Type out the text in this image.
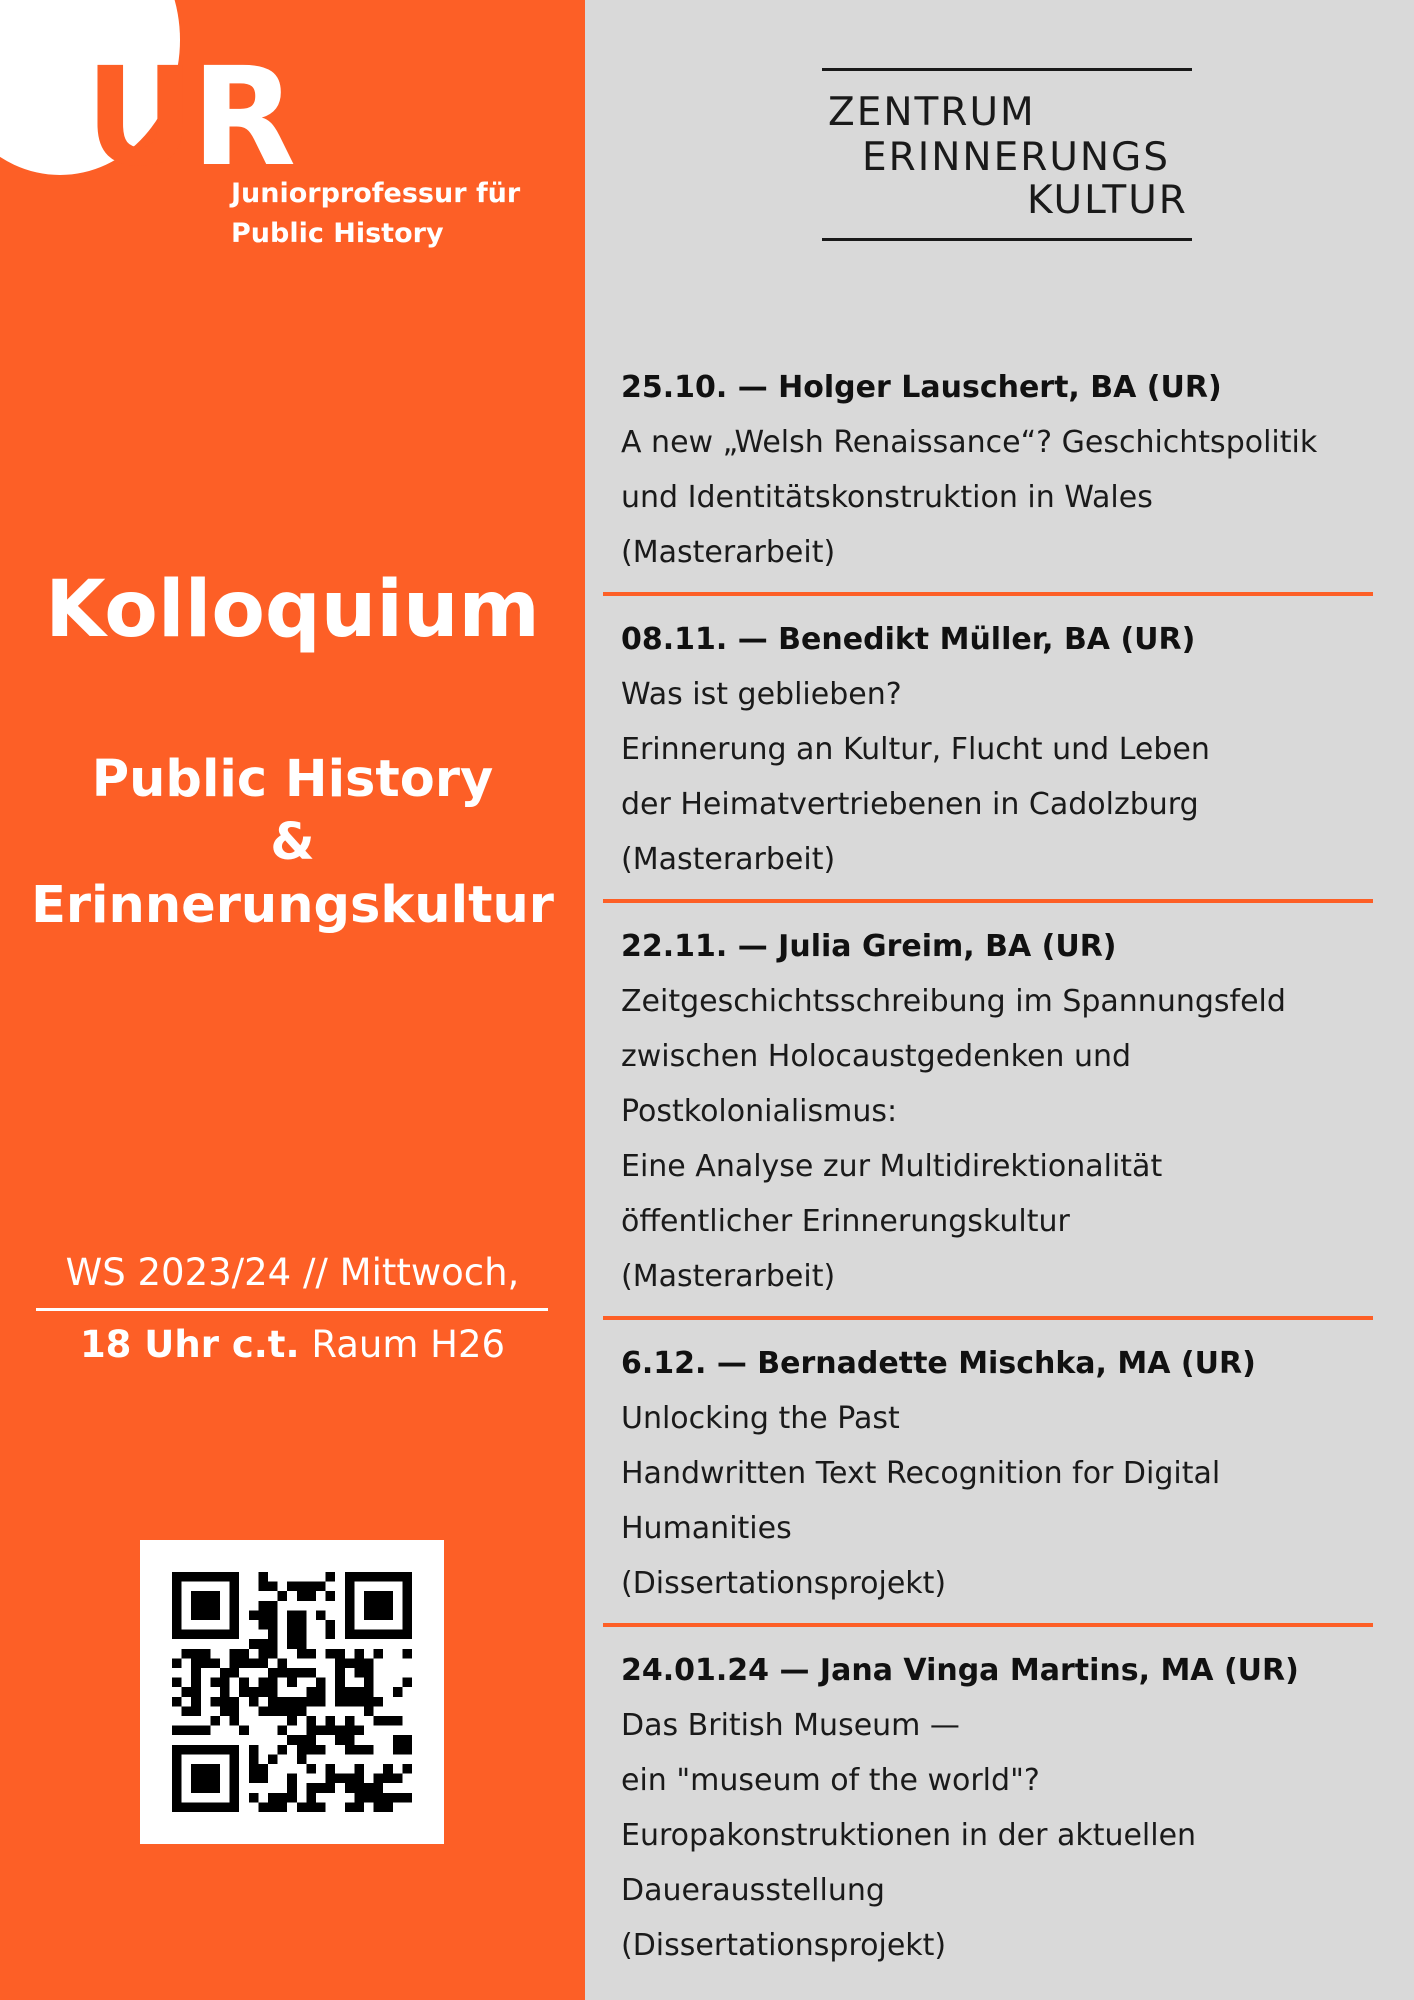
UR
Juniorprofessur für
Public History
Kolloquium
Public History
&
Erinnerungskultur
WS 2023/24 // Mittwoch,
18 Uhr c.t. Raum H26
ZENTRUM
ERINNERUNGS
KULTUR
25.10. — Holger Lauschert, BA (UR)
A new „Welsh Renaissance“? Geschichtspolitik
und Identitätskonstruktion in Wales
(Masterarbeit)
08.11. — Benedikt Müller, BA (UR)
Was ist geblieben?
Erinnerung an Kultur, Flucht und Leben
der Heimatvertriebenen in Cadolzburg
(Masterarbeit)
22.11. — Julia Greim, BA (UR)
Zeitgeschichtsschreibung im Spannungsfeld
zwischen Holocaustgedenken und
Postkolonialismus:
Eine Analyse zur Multidirektionalität
öffentlicher Erinnerungskultur
(Masterarbeit)
6.12. — Bernadette Mischka, MA (UR)
Unlocking the Past
Handwritten Text Recognition for Digital
Humanities
(Dissertationsprojekt)
24.01.24 — Jana Vinga Martins, MA (UR)
Das British Museum —
ein "museum of the world"?
Europakonstruktionen in der aktuellen
Dauerausstellung
(Dissertationsprojekt)
